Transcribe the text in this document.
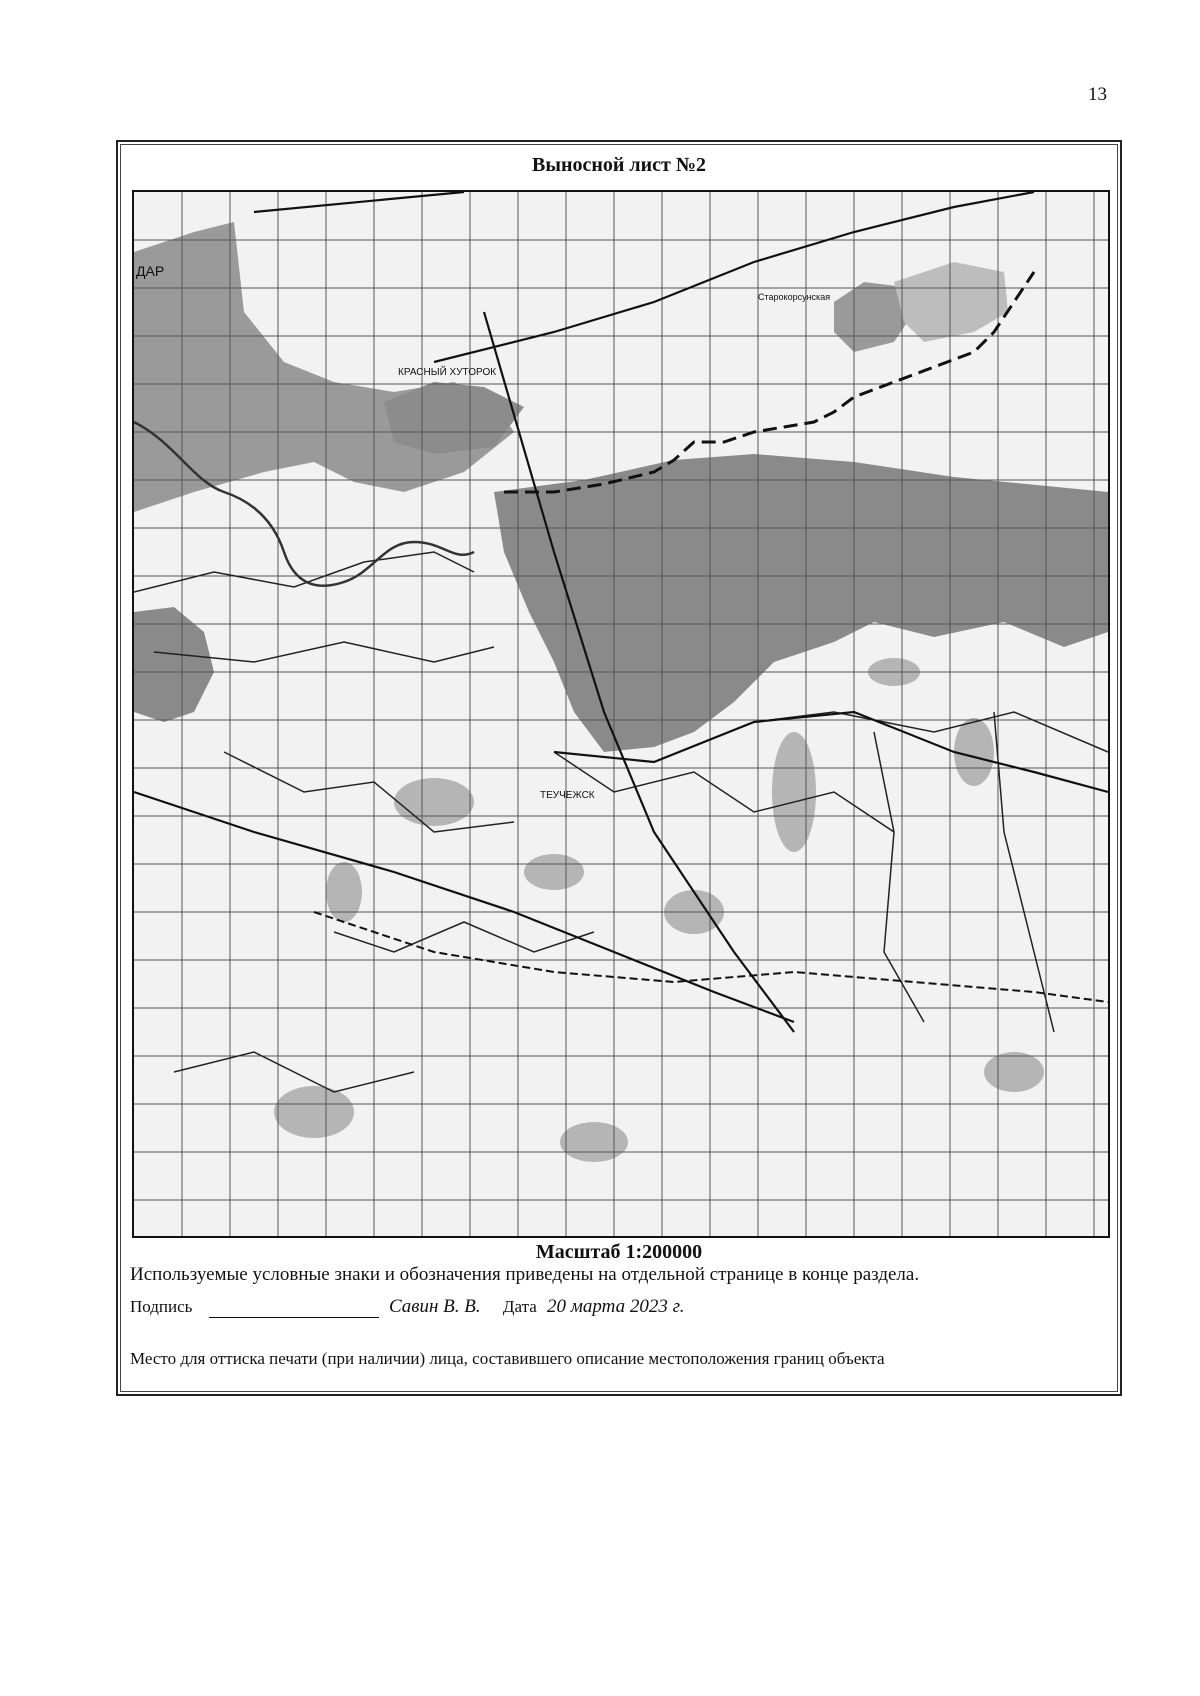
13
Выносной лист №2
ДАР
КРАСНЫЙ ХУТОРОК
Старокорсунская
ТЕУЧЕЖСК
Масштаб 1:200000
Используемые условные знаки и обозначения приведены на отдельной странице в конце раздела.
Подпись	Савин В. В. Дата 20 марта 2023 г.
Место для оттиска печати (при наличии) лица, составившего описание местоположения границ объекта
